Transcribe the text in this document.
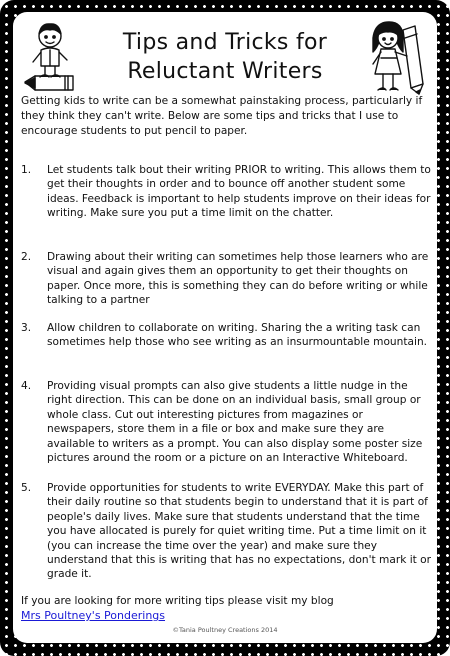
Tips and Tricks for
Reluctant Writers

Getting kids to write can be a somewhat painstaking process, particularly if they think they can't write. Below are some tips and tricks that I use to encourage students to put pencil to paper.

1.	Let students talk bout their writing PRIOR to writing. This allows them to get their thoughts in order and to bounce off another student some ideas. Feedback is important to help students improve on their ideas for writing. Make sure you put a time limit on the chatter.
2.	Drawing about their writing can sometimes help those learners who are visual and again gives them an opportunity to get their thoughts on paper. Once more, this is something they can do before writing or while talking to a partner
3.	Allow children to collaborate on writing. Sharing the a writing task can sometimes help those who see writing as an insurmountable mountain.
4.	Providing visual prompts can also give students a little nudge in the right direction. This can be done on an individual basis, small group or whole class. Cut out interesting pictures from magazines or newspapers, store them in a file or box and make sure they are available to writers as a prompt. You can also display some poster size pictures around the room or a picture on an Interactive Whiteboard.
5.	Provide opportunities for students to write EVERYDAY. Make this part of their daily routine so that students begin to understand that it is part of people's daily lives. Make sure that students understand that the time you have allocated is purely for quiet writing time. Put a time limit on it (you can increase the time over the year) and make sure they understand that this is writing that has no expectations, don't mark it or grade it.
If you are looking for more writing tips please visit my blog
Mrs Poultney's Ponderings
©Tania Poultney Creations 2014
